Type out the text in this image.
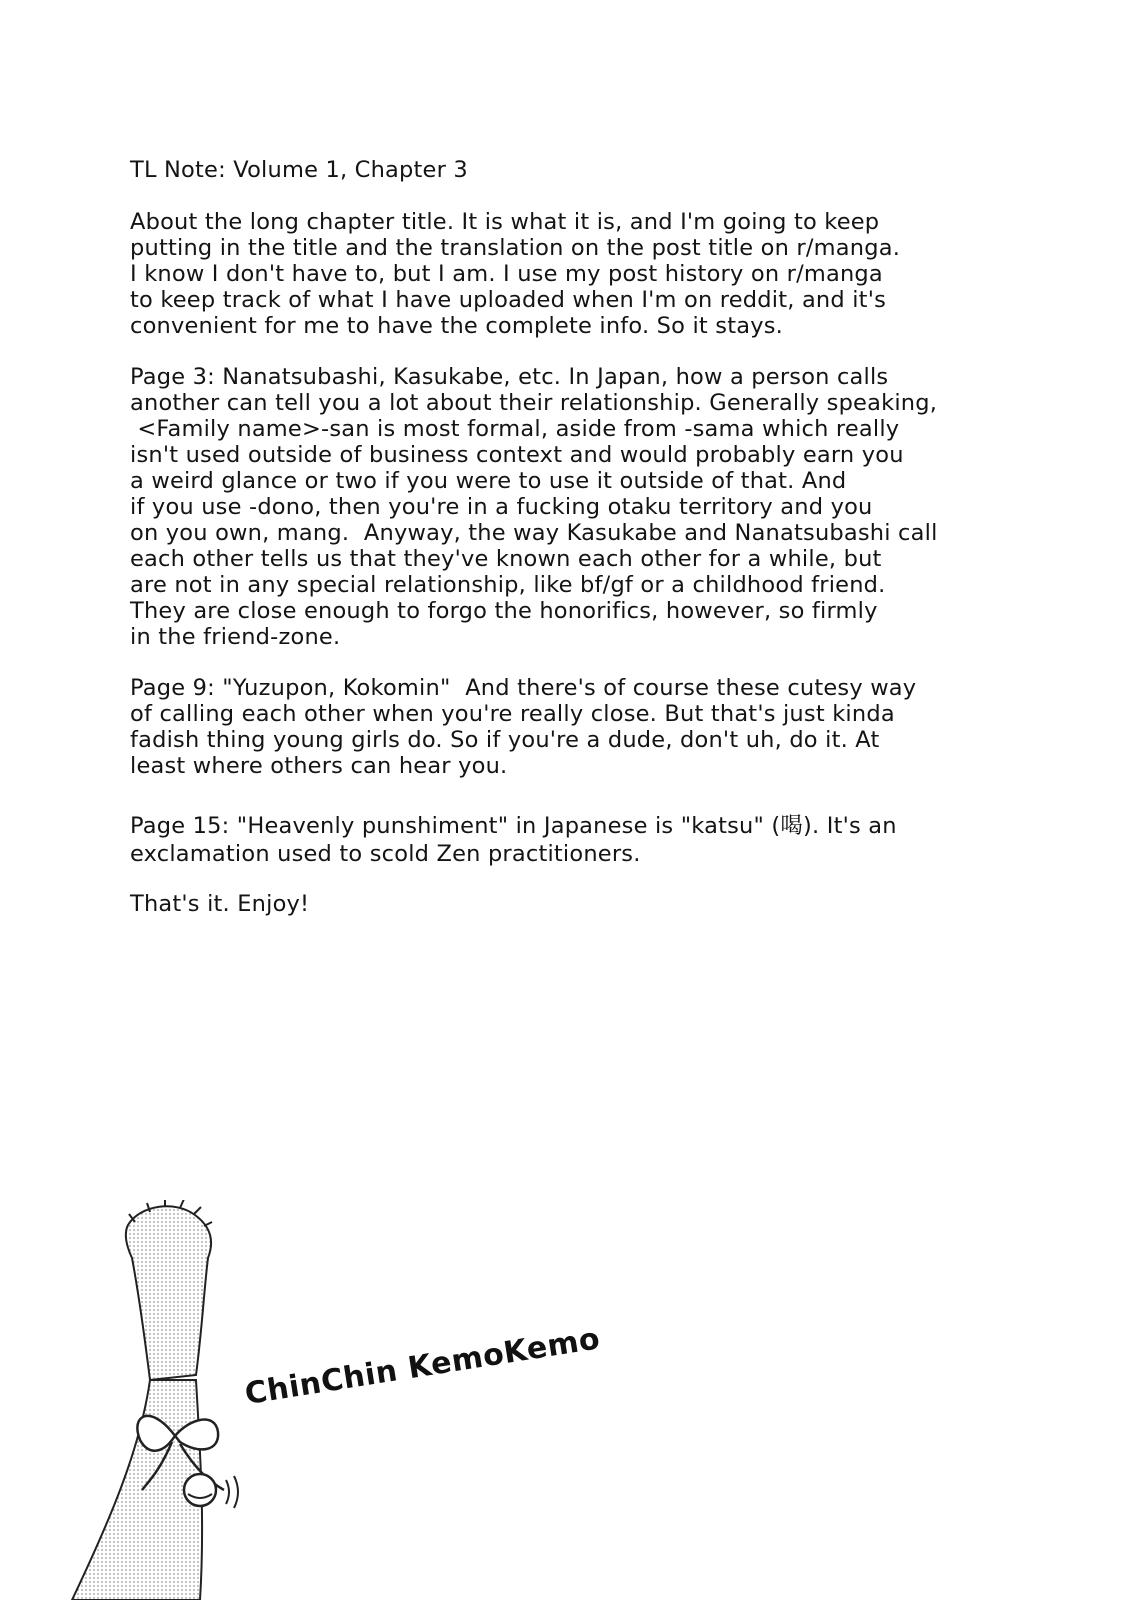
TL Note: Volume 1, Chapter 3
About the long chapter title. It is what it is, and I'm going to keep
putting in the title and the translation on the post title on r/manga.
I know I don't have to, but I am. I use my post history on r/manga
to keep track of what I have uploaded when I'm on reddit, and it's
convenient for me to have the complete info. So it stays.
Page 3: Nanatsubashi, Kasukabe, etc. In Japan, how a person calls
another can tell you a lot about their relationship. Generally speaking,
<Family name>-san is most formal, aside from -sama which really
isn't used outside of business context and would probably earn you
a weird glance or two if you were to use it outside of that. And
if you use -dono, then you're in a fucking otaku territory and you
on you own, mang.  Anyway, the way Kasukabe and Nanatsubashi call
each other tells us that they've known each other for a while, but
are not in any special relationship, like bf/gf or a childhood friend.
They are close enough to forgo the honorifics, however, so firmly
in the friend-zone.
Page 9: "Yuzupon, Kokomin"  And there's of course these cutesy way
of calling each other when you're really close. But that's just kinda
fadish thing young girls do. So if you're a dude, don't uh, do it. At
least where others can hear you.
Page 15: "Heavenly punshiment" in Japanese is "katsu" (喝). It's an
exclamation used to scold Zen practitioners.
That's it. Enjoy!
ChinChin KemoKemo
